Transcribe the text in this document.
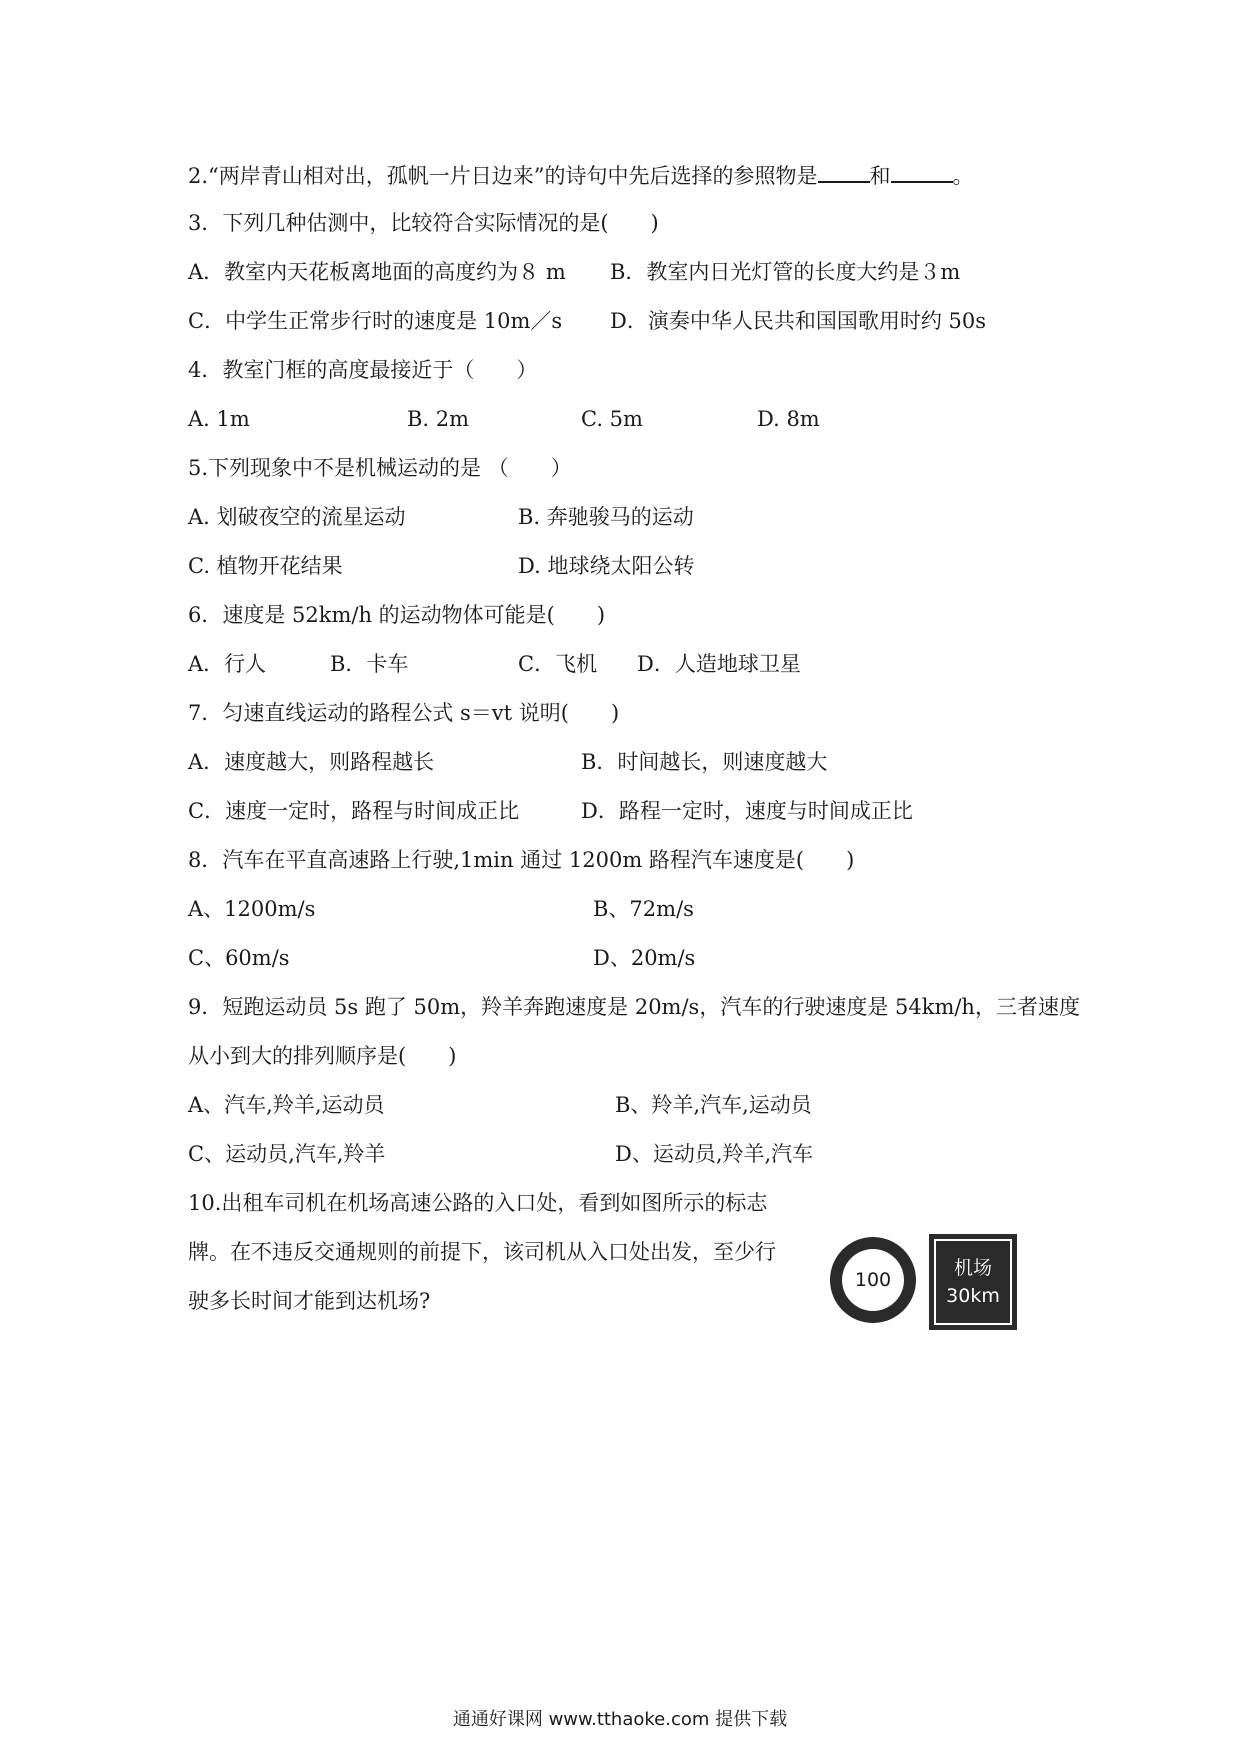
2.“两岸青山相对出，孤帆一片日边来”的诗句中先后选择的参照物是 和	。
3．下列几种估测中，比较符合实际情况的是(　　)
A．教室内天花板离地面的高度约为８ m B．教室内日光灯管的长度大约是３m
C．中学生正常步行时的速度是 10m／s D．演奏中华人民共和国国歌用时约 50s
4．教室门框的高度最接近于（　　）
A. 1m	B. 2m	C. 5m	D. 8m
5.下列现象中不是机械运动的是 （　　）
A. 划破夜空的流星运动	B. 奔驰骏马的运动
C. 植物开花结果	D. 地球绕太阳公转
6．速度是 52km/h 的运动物体可能是(　　)
A．行人	B．卡车	C．飞机 D．人造地球卫星
7．匀速直线运动的路程公式 s＝vt 说明(　　)
A．速度越大，则路程越长	B．时间越长，则速度越大
C．速度一定时，路程与时间成正比	D．路程一定时，速度与时间成正比
8．汽车在平直高速路上行驶,1min 通过 1200m 路程汽车速度是(　　)
A、1200m/s	B、72m/s
C、60m/s	D、20m/s
9．短跑运动员 5s 跑了 50m，羚羊奔跑速度是 20m/s，汽车的行驶速度是 54km/h，三者速度
从小到大的排列顺序是(　　)
A、汽车,羚羊,运动员	B、羚羊,汽车,运动员
C、运动员,汽车,羚羊	D、运动员,羚羊,汽车
10.出租车司机在机场高速公路的入口处，看到如图所示的标志
牌。在不违反交通规则的前提下，该司机从入口处出发，至少行
驶多长时间才能到达机场?
100
机场
30km
通通好课网 www.tthaoke.com 提供下载
